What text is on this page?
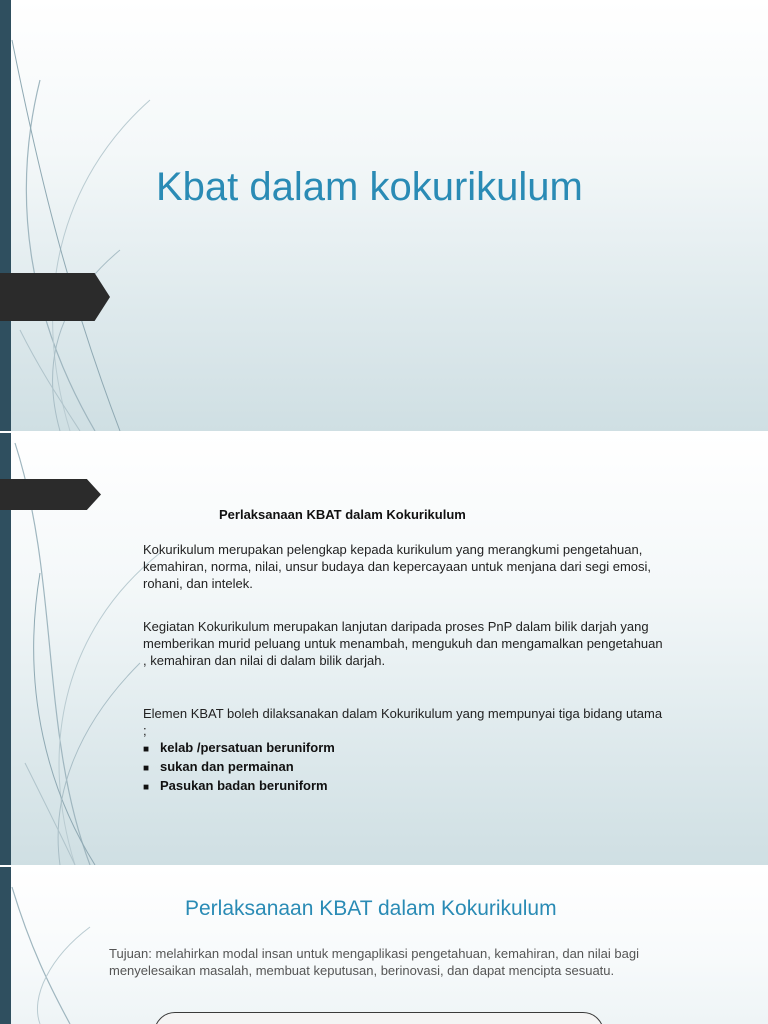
Kbat dalam kokurikulum

Perlaksanaan KBAT dalam Kokurikulum

Kokurikulum merupakan pelengkap kepada kurikulum yang merangkumi pengetahuan, kemahiran, norma, nilai, unsur budaya dan kepercayaan untuk menjana dari segi emosi, rohani, dan intelek.

Kegiatan Kokurikulum merupakan lanjutan daripada proses PnP dalam bilik darjah yang memberikan murid peluang untuk menambah, mengukuh dan mengamalkan pengetahuan , kemahiran dan nilai di dalam bilik darjah.

Elemen KBAT boleh dilaksanakan dalam Kokurikulum yang mempunyai tiga bidang utama ;

■ kelab /persatuan beruniform
■ sukan dan permainan
■ Pasukan badan beruniform
Perlaksanaan KBAT dalam Kokurikulum

Tujuan: melahirkan modal insan untuk mengaplikasi pengetahuan, kemahiran, dan nilai bagi menyelesaikan masalah, membuat keputusan, berinovasi, dan dapat mencipta sesuatu.
